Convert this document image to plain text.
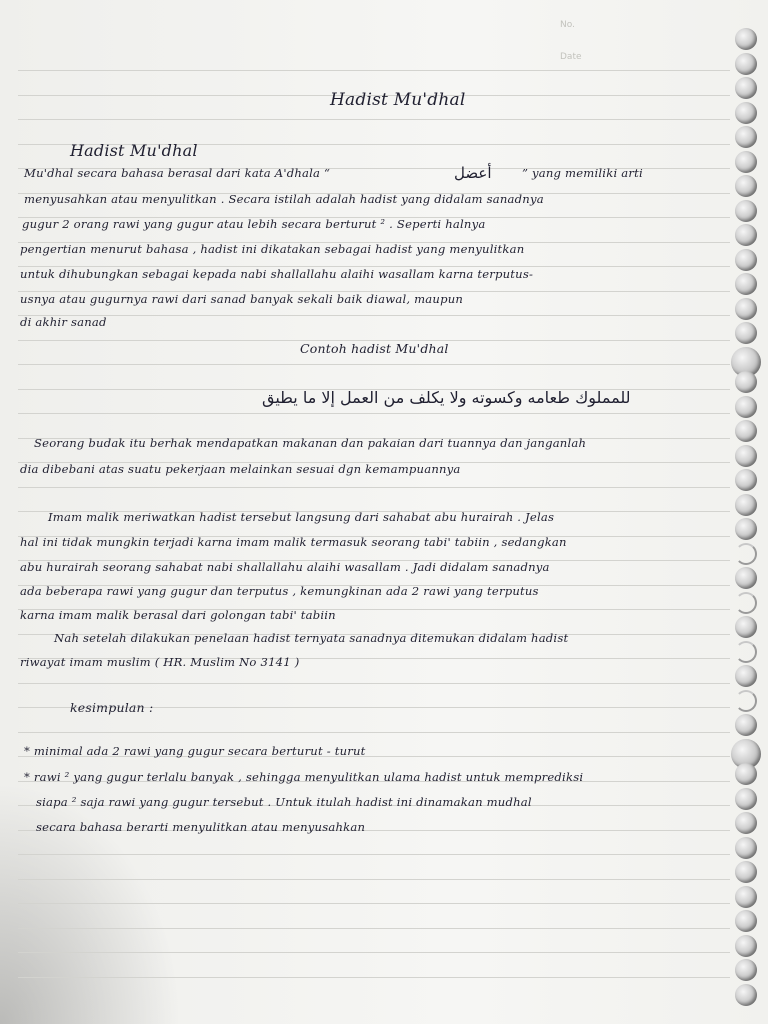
No.
Date
Hadist Mu'dhal
Hadist Mu'dhal
Mu'dhal secara bahasa berasal dari kata A'dhala “	أعضل	” yang memiliki arti
menyusahkan atau menyulitkan . Secara istilah adalah hadist yang didalam sanadnya
gugur 2 orang rawi yang gugur atau lebih secara berturut ² . Seperti halnya
pengertian menurut bahasa , hadist ini dikatakan sebagai hadist yang menyulitkan
untuk dihubungkan sebagai kepada nabi shallallahu alaihi wasallam karna terputus-
usnya atau gugurnya rawi dari sanad banyak sekali baik diawal, maupun
di akhir sanad
Contoh hadist Mu'dhal
للمملوك طعامه وكسوته ولا يكلف من العمل إلا ما يطيق
Seorang budak itu berhak mendapatkan makanan dan pakaian dari tuannya dan janganlah
dia dibebani atas suatu pekerjaan melainkan sesuai dgn kemampuannya
Imam malik meriwatkan hadist tersebut langsung dari sahabat abu hurairah . Jelas
hal ini tidak mungkin terjadi karna imam malik termasuk seorang tabi' tabiin , sedangkan
abu hurairah seorang sahabat nabi shallallahu alaihi wasallam . Jadi didalam sanadnya
ada beberapa rawi yang gugur dan terputus , kemungkinan ada 2 rawi yang terputus
karna imam malik berasal dari golongan tabi' tabiin
Nah setelah dilakukan penelaan hadist ternyata sanadnya ditemukan didalam hadist
riwayat imam muslim ( HR. Muslim No 3141 )
kesimpulan :
* minimal ada 2 rawi yang gugur secara berturut - turut
* rawi ² yang gugur terlalu banyak , sehingga menyulitkan ulama hadist untuk memprediksi
siapa ² saja rawi yang gugur tersebut . Untuk itulah hadist ini dinamakan mudhal
secara bahasa berarti menyulitkan atau menyusahkan
